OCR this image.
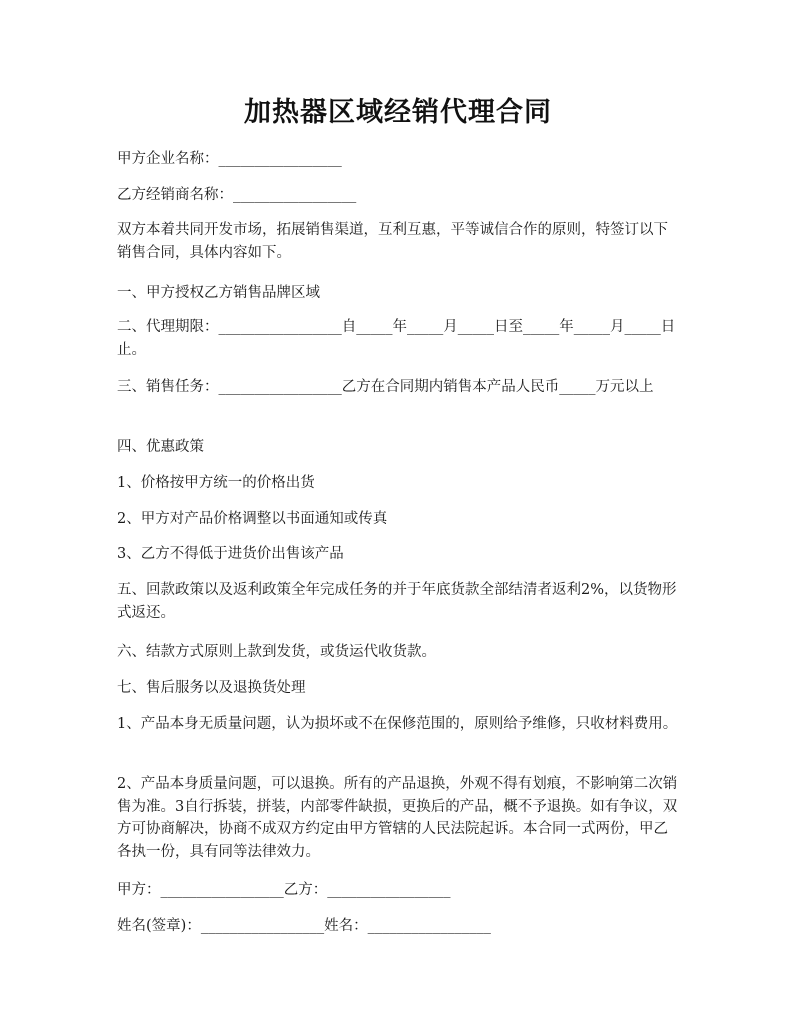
加热器区域经销代理合同
甲方企业名称：_________________
乙方经销商名称：_________________
双方本着共同开发市场，拓展销售渠道，互利互惠，平等诚信合作的原则，特签订以下销售合同，具体内容如下。
一、甲方授权乙方销售品牌区域
二、代理期限：_________________自_____年_____月_____日至_____年_____月_____日止。
三、销售任务：_________________乙方在合同期内销售本产品人民币_____万元以上
四、优惠政策
1、价格按甲方统一的价格出货
2、甲方对产品价格调整以书面通知或传真
3、乙方不得低于进货价出售该产品
五、回款政策以及返利政策全年完成任务的并于年底货款全部结清者返利2%，以货物形式返还。
六、结款方式原则上款到发货，或货运代收货款。
七、售后服务以及退换货处理
1、产品本身无质量问题，认为损坏或不在保修范围的，原则给予维修，只收材料费用。
2、产品本身质量问题，可以退换。所有的产品退换，外观不得有划痕，不影响第二次销售为准。3自行拆装，拼装，内部零件缺损，更换后的产品，概不予退换。如有争议，双方可协商解决，协商不成双方约定由甲方管辖的人民法院起诉。本合同一式两份，甲乙各执一份，具有同等法律效力。
甲方：_________________乙方：_________________
姓名(签章)：_________________姓名：_________________
